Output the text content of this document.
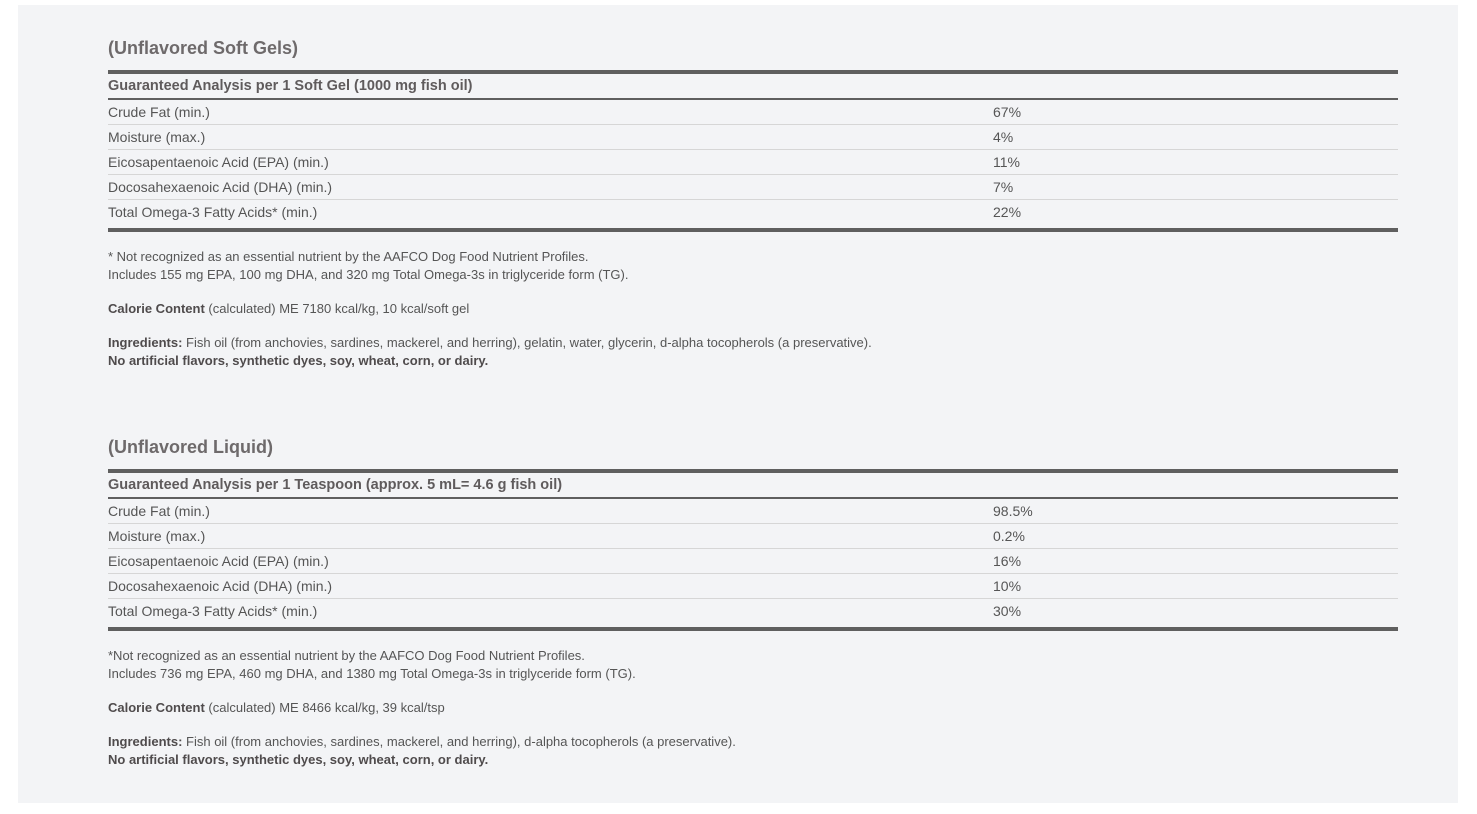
(Unflavored Soft Gels)
Guaranteed Analysis per 1 Soft Gel (1000 mg fish oil)
Crude Fat (min.)	67%
Moisture (max.)	4%
Eicosapentaenoic Acid (EPA) (min.)	11%
Docosahexaenoic Acid (DHA) (min.)	7%
Total Omega-3 Fatty Acids* (min.)	22%

* Not recognized as an essential nutrient by the AAFCO Dog Food Nutrient Profiles.

Includes 155 mg EPA, 100 mg DHA, and 320 mg Total Omega-3s in triglyceride form (TG).

Calorie Content (calculated) ME 7180 kcal/kg, 10 kcal/soft gel
Ingredients: Fish oil (from anchovies, sardines, mackerel, and herring), gelatin, water, glycerin, d-alpha tocopherols (a preservative).
No artificial flavors, synthetic dyes, soy, wheat, corn, or dairy.
(Unflavored Liquid)
Guaranteed Analysis per 1 Teaspoon (approx. 5 mL= 4.6 g fish oil)
Crude Fat (min.)	98.5%
Moisture (max.)	0.2%
Eicosapentaenoic Acid (EPA) (min.)	16%
Docosahexaenoic Acid (DHA) (min.)	10%
Total Omega-3 Fatty Acids* (min.)	30%

*Not recognized as an essential nutrient by the AAFCO Dog Food Nutrient Profiles.

Includes 736 mg EPA, 460 mg DHA, and 1380 mg Total Omega-3s in triglyceride form (TG).

Calorie Content (calculated) ME 8466 kcal/kg, 39 kcal/tsp
Ingredients: Fish oil (from anchovies, sardines, mackerel, and herring), d-alpha tocopherols (a preservative).
No artificial flavors, synthetic dyes, soy, wheat, corn, or dairy.
